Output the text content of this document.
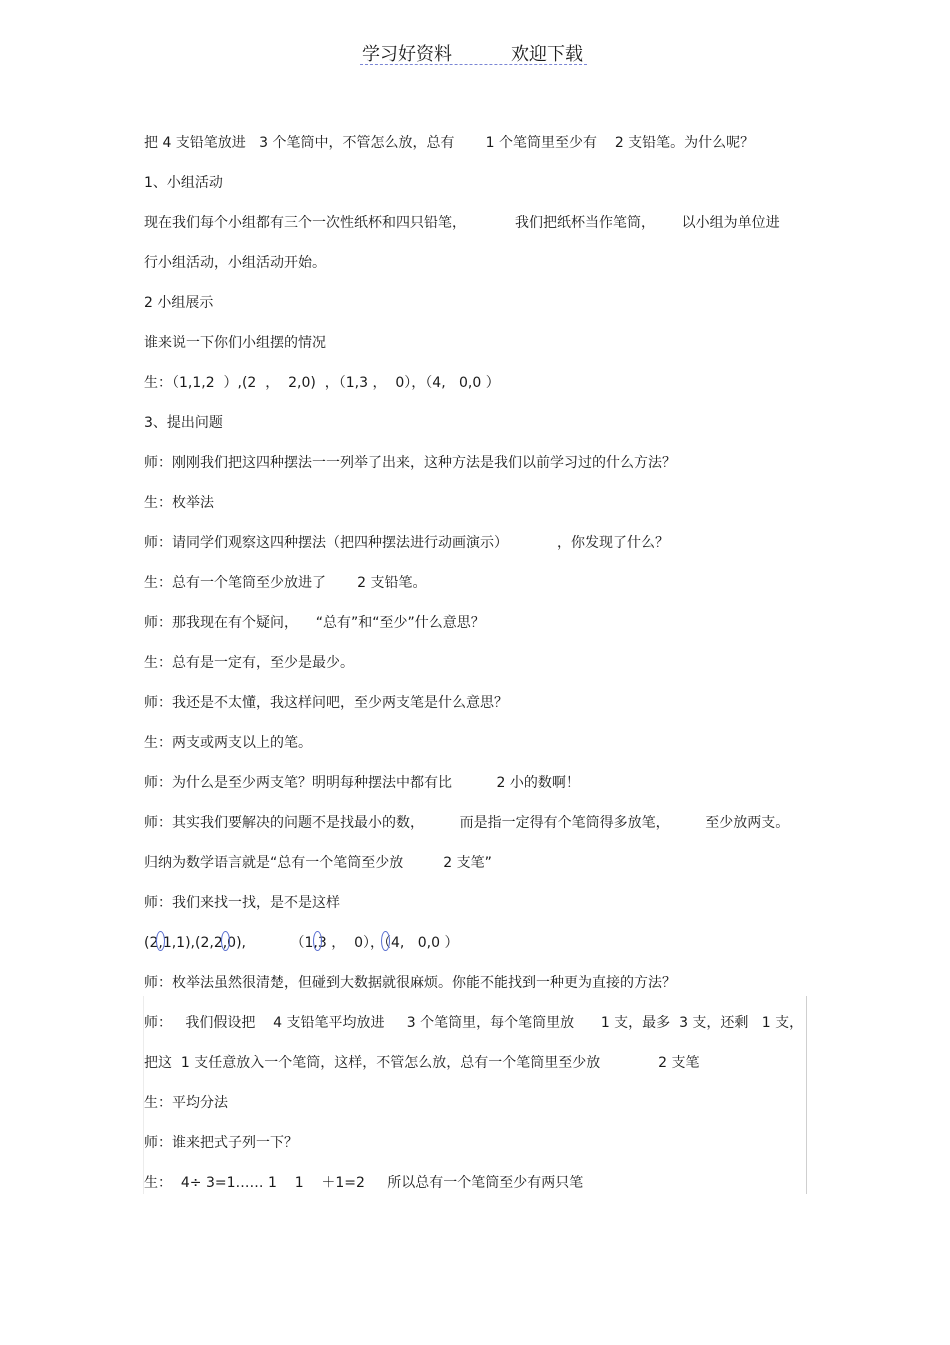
学习好资料	欢迎下载
把 4 支铅笔放进   3 个笔筒中，不管怎么放，总有       1 个笔筒里至少有    2 支铅笔。为什么呢？
1、小组活动
现在我们每个小组都有三个一次性纸杯和四只铅笔，           我们把纸杯当作笔筒，      以小组为单位进
行小组活动，小组活动开始。
2 小组展示
谁来说一下你们小组摆的情况
生：（1,1,2  ）,(2  ，  2,0)  ，（1,3 ，  0），（4,   0,0 ）
3、提出问题
师：刚刚我们把这四种摆法一一列举了出来，这种方法是我们以前学习过的什么方法？
生：枚举法
师：请同学们观察这四种摆法（把四种摆法进行动画演示）           ，你发现了什么？
生：总有一个笔筒至少放进了       2 支铅笔。
师：那我现在有个疑问，    “总有”和“至少”什么意思？
生：总有是一定有，至少是最少。
师：我还是不太懂，我这样问吧，至少两支笔是什么意思？
生：两支或两支以上的笔。
师：为什么是至少两支笔？明明每种摆法中都有比          2 小的数啊！
师：其实我们要解决的问题不是找最小的数，        而是指一定得有个笔筒得多放笔，        至少放两支。
归纳为数学语言就是“总有一个笔筒至少放         2 支笔”
师：我们来找一找，是不是这样
(2,1,1),(2,2,0),          （1,3 ，  0），（4,   0,0 ）
师：枚举法虽然很清楚，但碰到大数据就很麻烦。你能不能找到一种更为直接的方法？
师：   我们假设把    4 支铅笔平均放进     3 个笔筒里，每个笔筒里放      1 支，最多  3 支，还剩   1 支，
把这  1 支任意放入一个笔筒，这样，不管怎么放，总有一个笔筒里至少放             2 支笔
生：平均分法
师：谁来把式子列一下？
生：  4÷ 3=1…… 1    1    ＋1=2     所以总有一个笔筒至少有两只笔
